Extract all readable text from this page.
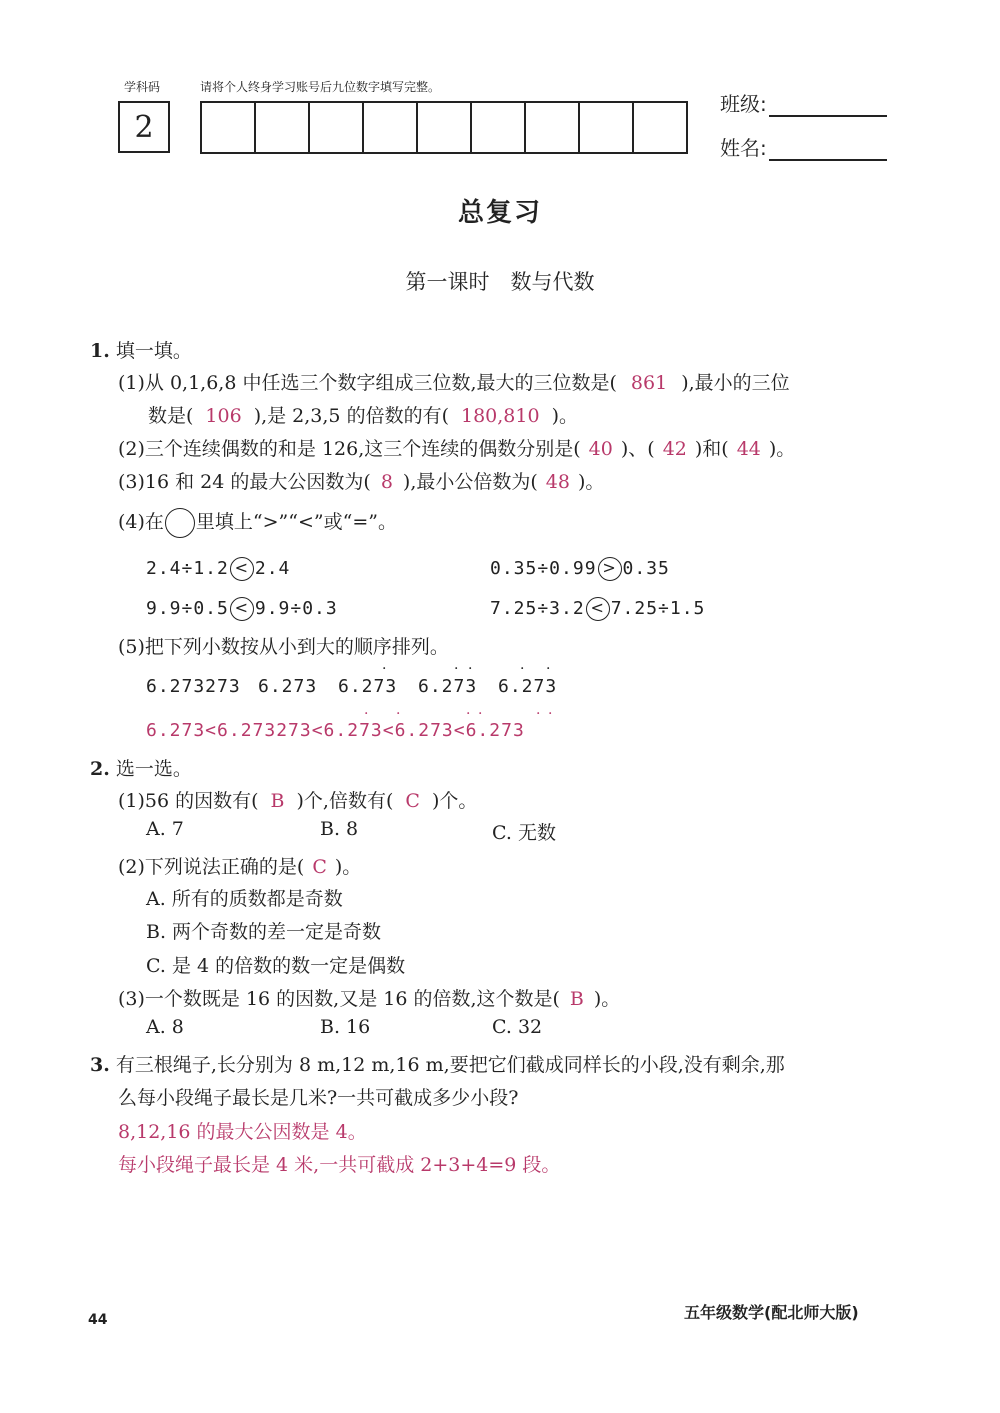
学科码
2
请将个人终身学习账号后九位数字填写完整。
班级:
姓名:
总复习
第一课时　数与代数
1. 填一填。
(1)从 0,1,6,8 中任选三个数字组成三位数,最大的三位数是( 861 ),最小的三位
数是( 106 ),是 2,3,5 的倍数的有( 180,810 )。
(2)三个连续偶数的和是 126,这三个连续的偶数分别是( 40 )、( 42 )和( 44 )。
(3)16 和 24 的最大公因数为( 8 ),最小公倍数为( 48 )。
(4)在 里填上“>”“<”或“=”。
2.4÷1.2 < 2.4	0.35÷0.99 > 0.35
9.9÷0.5 < 9.9÷0.3	7.25÷3.2 < 7.25÷1.5
(5)把下列小数按从小到大的顺序排列。
6.273273 6.273 6.273 6.273 6.273
·	· ·	· ·
6.273<6.273273<6.273<6.273<6.273
· ·	· ·	· ·
2. 选一选。
(1)56 的因数有( B )个,倍数有( C )个。
A. 7	B. 8	C. 无数
(2)下列说法正确的是( C )。
A. 所有的质数都是奇数
B. 两个奇数的差一定是奇数
C. 是 4 的倍数的数一定是偶数
(3)一个数既是 16 的因数,又是 16 的倍数,这个数是( B )。
A. 8	B. 16	C. 32
3. 有三根绳子,长分别为 8 m,12 m,16 m,要把它们截成同样长的小段,没有剩余,那
么每小段绳子最长是几米?一共可截成多少小段?
8,12,16 的最大公因数是 4。
每小段绳子最长是 4 米,一共可截成 2+3+4=9 段。
44	五年级数学(配北师大版)
